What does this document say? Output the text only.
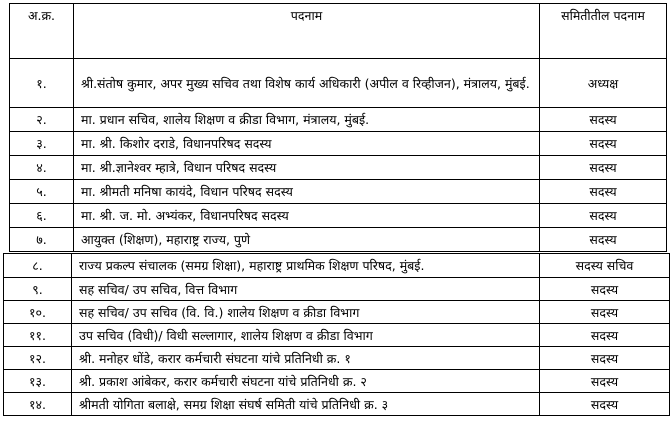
अ.क्र.	पदनाम	समितीतील पदनाम
१.	श्री.संतोष कुमार, अपर मुख्य सचिव तथा विशेष कार्य अधिकारी (अपील व रिव्हीजन), मंत्रालय, मुंबई.	अध्यक्ष
२.	मा. प्रधान सचिव, शालेय शिक्षण व क्रीडा विभाग, मंत्रालय, मुंबई.	सदस्य
३.	मा. श्री. किशोर दराडे, विधानपरिषद सदस्य	सदस्य
४.	मा. श्री.ज्ञानेश्वर म्हात्रे, विधान परिषद सदस्य	सदस्य
५.	मा. श्रीमती मनिषा कायंदे, विधान परिषद सदस्य	सदस्य
६.	मा. श्री. ज. मो. अभ्यंकर, विधानपरिषद सदस्य	सदस्य
७.	आयुक्त (शिक्षण), महाराष्ट्र राज्य, पुणे	सदस्य
८.	राज्य प्रकल्प संचालक (समग्र शिक्षा), महाराष्ट्र प्राथमिक शिक्षण परिषद, मुंबई.	सदस्य सचिव
९.	सह सचिव/ उप सचिव, वित्त विभाग	सदस्य
१०.	सह सचिव/ उप सचिव (वि. वि.) शालेय शिक्षण व क्रीडा विभाग	सदस्य
११.	उप सचिव (विधी)/ विधी सल्लागार, शालेय शिक्षण व क्रीडा विभाग	सदस्य
१२.	श्री. मनोहर धोंडे, करार कर्मचारी संघटना यांचे प्रतिनिधी क्र. १	सदस्य
१३.	श्री. प्रकाश आंबेकर, करार कर्मचारी संघटना यांचे प्रतिनिधी क्र. २	सदस्य
१४.	श्रीमती योगिता बलाक्षे, समग्र शिक्षा संघर्ष समिती यांचे प्रतिनिधी क्र. ३	सदस्य
